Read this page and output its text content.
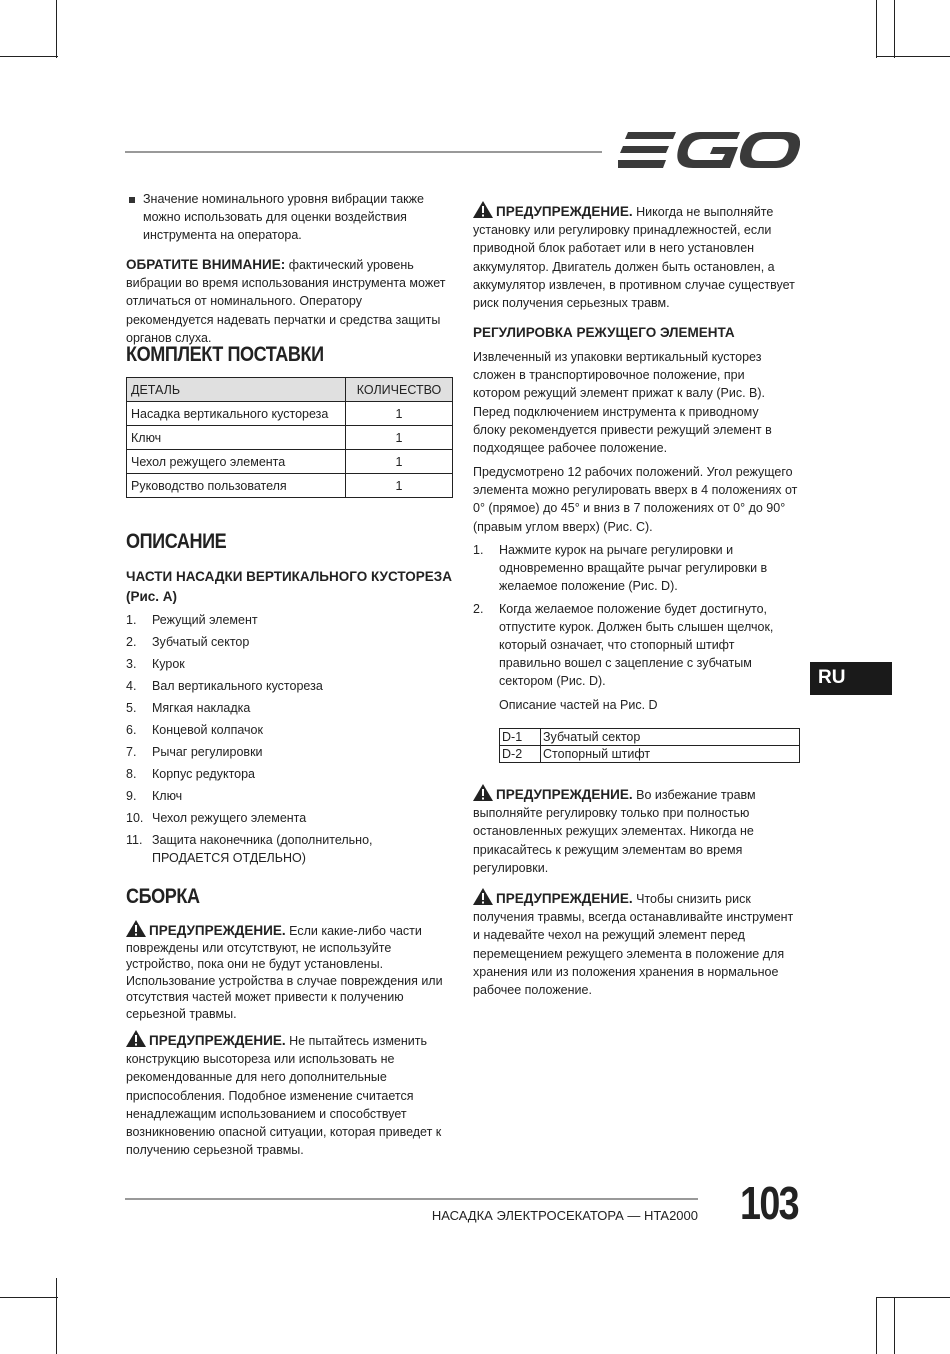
Значение номинального уровня вибрации также можно использовать для оценки воздействия инструмента на оператора.

ОБРАТИТЕ ВНИМАНИЕ: фактический уровень вибрации во время использования инструмента может отличаться от номинального. Оператору рекомендуется надевать перчатки и средства защиты органов слуха.

КОМПЛЕКТ ПОСТАВКИ
ДЕТАЛЬ	КОЛИЧЕСТВО
Насадка вертикального кустореза	1
Ключ	1
Чехол режущего элемента	1
Руководство пользователя	1
ОПИСАНИЕ

ЧАСТИ НАСАДКИ ВЕРТИКАЛЬНОГО КУСТОРЕЗА (Рис. А)

1. Режущий элемент
2. Зубчатый сектор
3. Курок
4. Вал вертикального кустореза
5. Мягкая накладка
6. Концевой колпачок
7. Рычаг регулировки
8. Корпус редуктора
9. Ключ
10. Чехол режущего элемента
11. Защита наконечника (дополнительно, ПРОДАЕТСЯ ОТДЕЛЬНО)
СБОРКА

ПРЕДУПРЕЖДЕНИЕ. Если какие-либо части повреждены или отсутствуют, не используйте устройство, пока они не будут установлены. Использование устройства в случае повреждения или отсутствия частей может привести к получению серьезной травмы.

ПРЕДУПРЕЖДЕНИЕ. Не пытайтесь изменить конструкцию высотореза или использовать не рекомендованные для него дополнительные приспособления. Подобное изменение считается ненадлежащим использованием и способствует возникновению опасной ситуации, которая приведет к получению серьезной травмы.

ПРЕДУПРЕЖДЕНИЕ. Никогда не выполняйте установку или регулировку принадлежностей, если приводной блок работает или в него установлен аккумулятор. Двигатель должен быть остановлен, а аккумулятор извлечен, в противном случае существует риск получения серьезных травм.

РЕГУЛИРОВКА РЕЖУЩЕГО ЭЛЕМЕНТА

Извлеченный из упаковки вертикальный кусторез сложен в транспортировочное положение, при котором режущий элемент прижат к валу (Рис. B). Перед подключением инструмента к приводному блоку рекомендуется привести режущий элемент в подходящее рабочее положение.

Предусмотрено 12 рабочих положений. Угол режущего элемента можно регулировать вверх в 4 положениях от 0° (прямое) до 45° и вниз в 7 положениях от 0° до 90° (правым углом вверх) (Рис. C).

1. Нажмите курок на рычаге регулировки и одновременно вращайте рычаг регулировки в желаемое положение (Рис. D).
2. Когда желаемое положение будет достигнуто, отпустите курок. Должен быть слышен щелчок, который означает, что стопорный штифт правильно вошел с зацепление с зубчатым сектором (Рис. D).

Описание частей на Рис. D

D-1	Зубчатый сектор
D-2	Стопорный штифт

ПРЕДУПРЕЖДЕНИЕ. Во избежание травм выполняйте регулировку только при полностью остановленных режущих элементах. Никогда не прикасайтесь к режущим элементам во время регулировки.

ПРЕДУПРЕЖДЕНИЕ. Чтобы снизить риск получения травмы, всегда останавливайте инструмент и надевайте чехол на режущий элемент перед перемещением режущего элемента в положение для хранения или из положения хранения в нормальное рабочее положение.

RU
НАСАДКА ЭЛЕКТРОСЕКАТОРА — HTA2000 103
